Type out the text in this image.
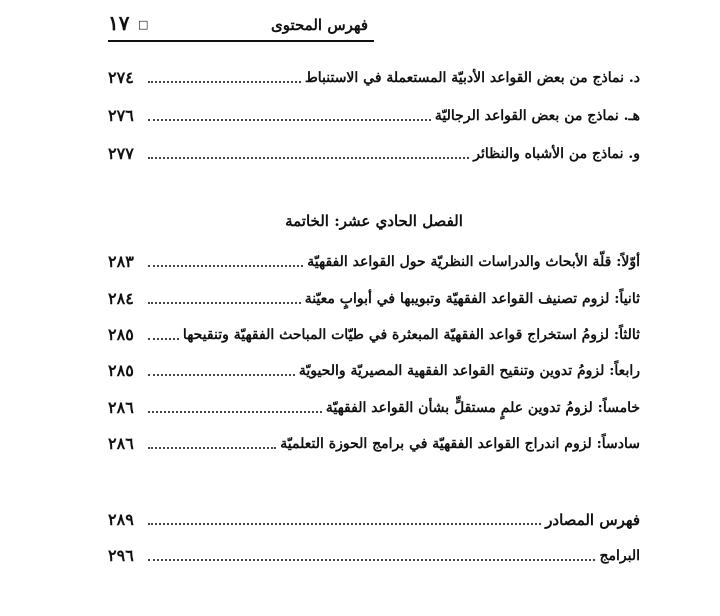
فهرس المحتوى
□
١٧
د. نماذج من بعض القواعد الأدبيّة المستعملة في الاستنباط
٢٧٤
هـ. نماذج من بعض القواعد الرجاليّة
٢٧٦
و. نماذج من الأشباه والنظائر
٢٧٧
الفصل الحادي عشر: الخاتمة
أوّلاً: قلّة الأبحاث والدراسات النظريّة حول القواعد الفقهيّة
٢٨٣
ثانياً: لزوم تصنيف القواعد الفقهيّة وتبويبها في أبوابٍ معيّنة
٢٨٤
ثالثاً: لزومُ استخراج قواعد الفقهيّة المبعثرة في طيّات المباحث الفقهيّة وتنقيحها
٢٨٥
رابعاً: لزومُ تدوين وتنقيح القواعد الفقهية المصيريّة والحيويّة
٢٨٥
خامساً: لزومُ تدوين علمٍ مستقلٍّ بشأن القواعد الفقهيّة
٢٨٦
سادساً: لزوم اندراج القواعد الفقهيّة في برامج الحوزة التعلميّة
٢٨٦
فهرس المصادر
٢٨٩
البرامج
٢٩٦
